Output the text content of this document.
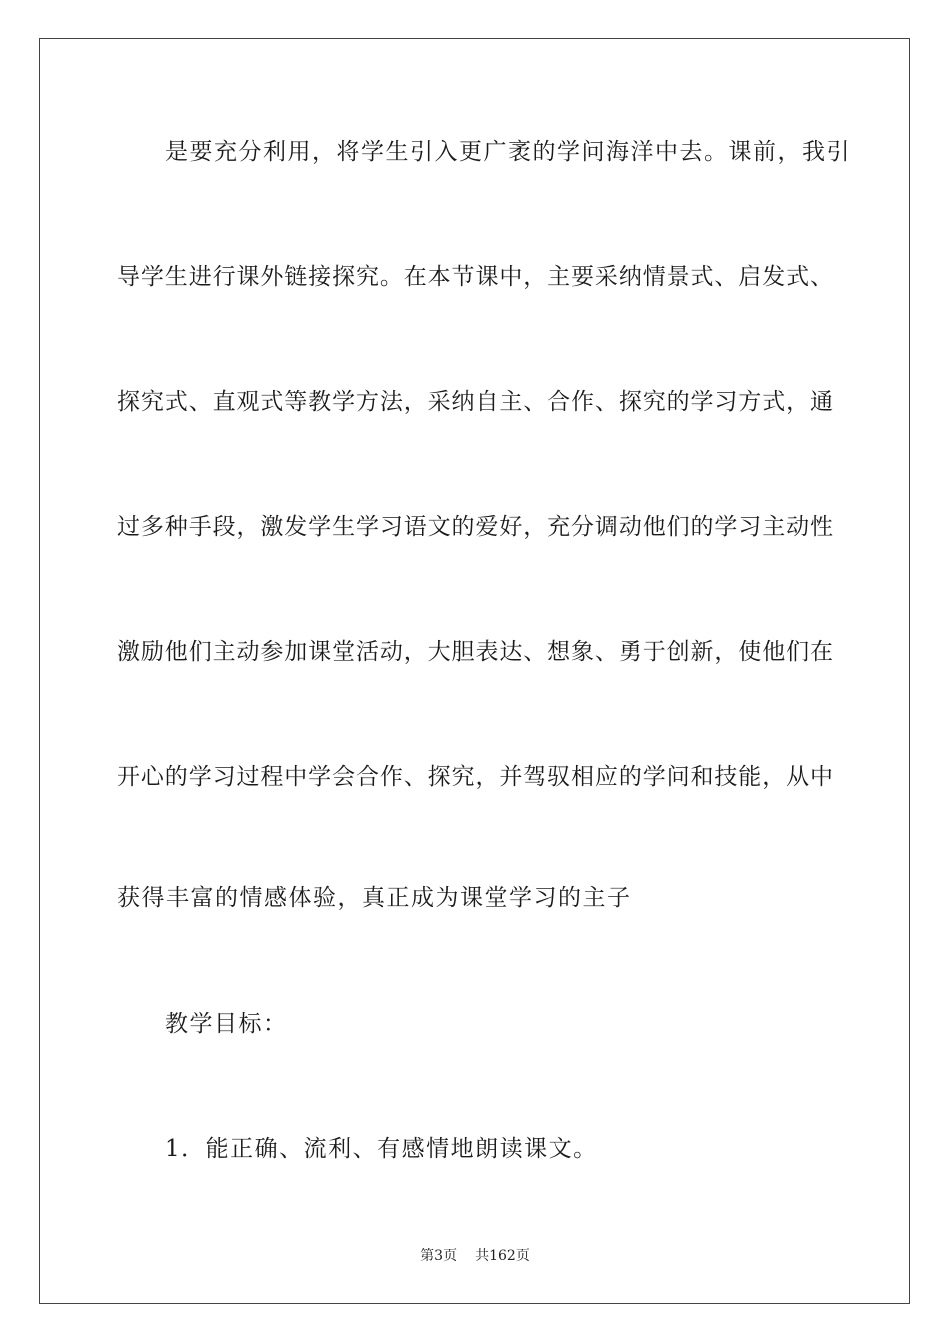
是要充分利用，将学生引入更广袤的学问海洋中去。课前，我引
导学生进行课外链接探究。在本节课中，主要采纳情景式、启发式、
探究式、直观式等教学方法，采纳自主、合作、探究的学习方式，通
过多种手段，激发学生学习语文的爱好，充分调动他们的学习主动性
激励他们主动参加课堂活动，大胆表达、想象、勇于创新，使他们在
开心的学习过程中学会合作、探究，并驾驭相应的学问和技能，从中
获得丰富的情感体验，真正成为课堂学习的主子
教学目标：
1．能正确、流利、有感情地朗读课文。
第3页 共162页
